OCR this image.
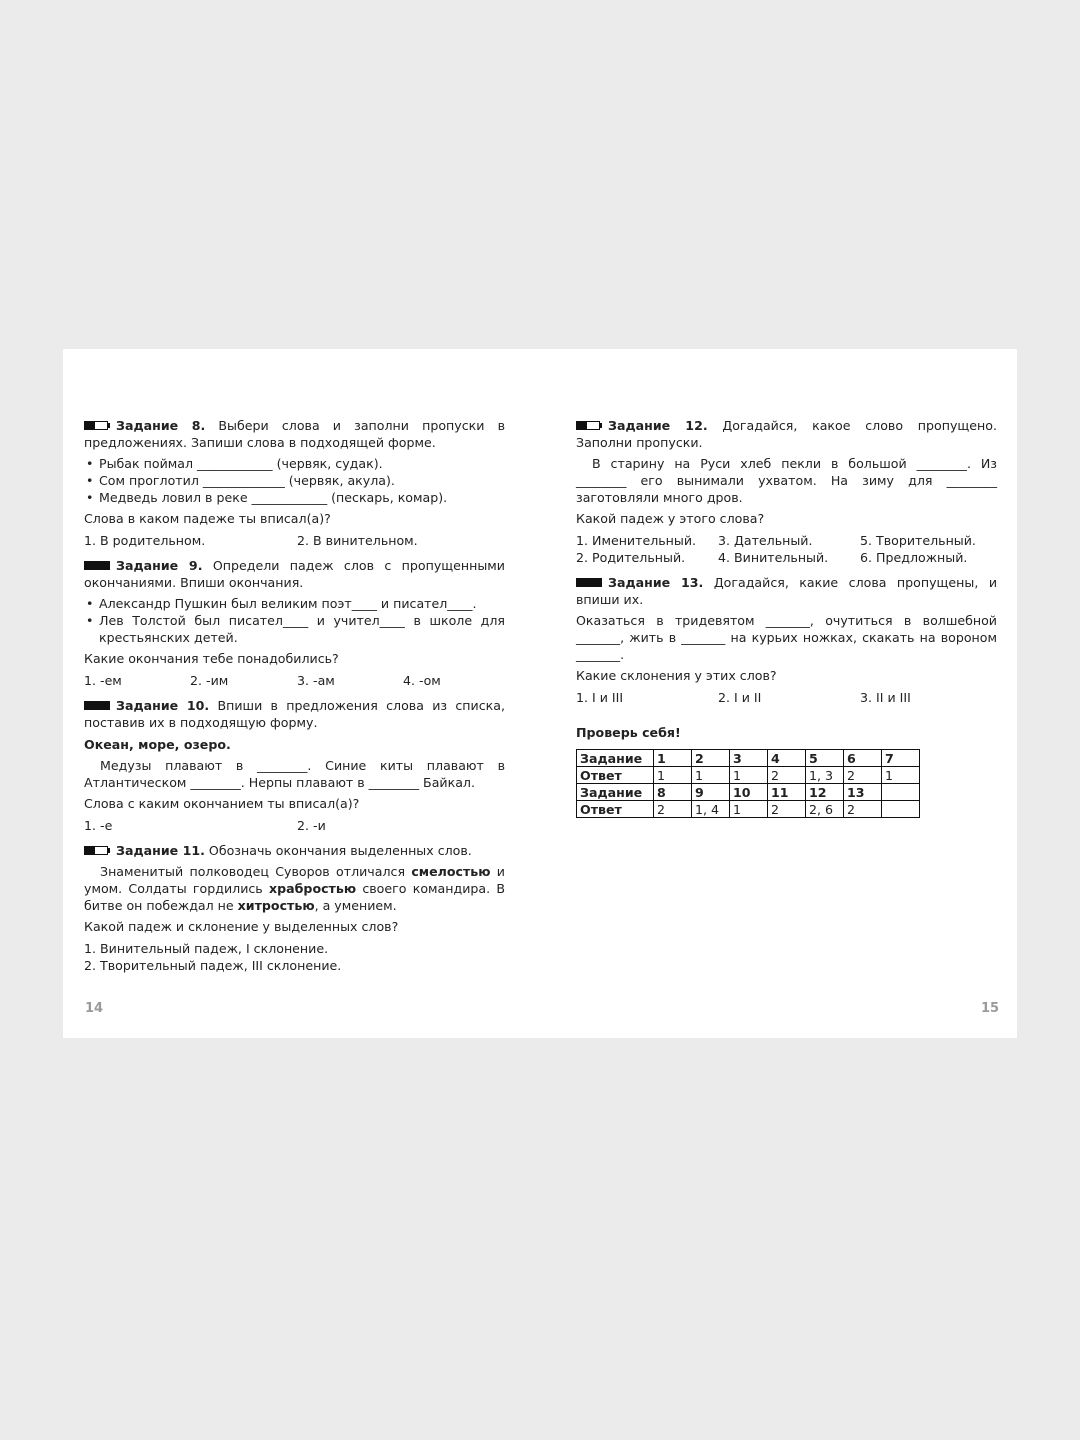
Задание 8. Выбери слова и заполни пропуски в предложениях. Запиши слова в подходящей форме.

• Рыбак поймал ____________ (червяк, судак).
• Сом проглотил _____________ (червяк, акула).
• Медведь ловил в реке ____________ (пескарь, комар).

Слова в каком падеже ты вписал(а)?

1. В родительном.	2. В винительном.

Задание 9. Определи падеж слов с пропущенными окончаниями. Впиши окончания.

• Александр Пушкин был великим поэт____ и писател____.
• Лев Толстой был писател____ и учител____ в школе для крестьянских детей.

Какие окончания тебе понадобились?

1. -ем	2. -им	3. -ам	4. -ом

Задание 10. Впиши в предложения слова из списка, поставив их в подходящую форму.

Океан, море, озеро.

Медузы плавают в ________. Синие киты плавают в Атлантическом ________. Нерпы плавают в ________ Байкал.

Слова с каким окончанием ты вписал(а)?

1. -е	2. -и

Задание 11. Обозначь окончания выделенных слов.

Знаменитый полководец Суворов отличался смелостью и умом. Солдаты гордились храбростью своего командира. В битве он побеждал не хитростью, а умением.

Какой падеж и склонение у выделенных слов?

1. Винительный падеж, I склонение.

2. Творительный падеж, III склонение.

14

Задание 12. Догадайся, какое слово пропущено. Заполни пропуски.

В старину на Руси хлеб пекли в большой ________. Из ________ его вынимали ухватом. На зиму для ________ заготовляли много дров.

Какой падеж у этого слова?

1. Именительный.	3. Дательный.	5. Творительный.
2. Родительный.	4. Винительный.	6. Предложный.

Задание 13. Догадайся, какие слова пропущены, и впиши их.

Оказаться в тридевятом _______, очутиться в волшебной _______, жить в _______ на курьих ножках, скакать на вороном _______.

Какие склонения у этих слов?

1. I и III	2. I и II	3. II и III

Проверь себя!

Задание	1	2	3	4	5	6	7
Ответ	1	1	1	2	1, 3	2	1
Задание	8	9	10	11	12	13	
Ответ	2	1, 4	1	2	2, 6	2	
15
